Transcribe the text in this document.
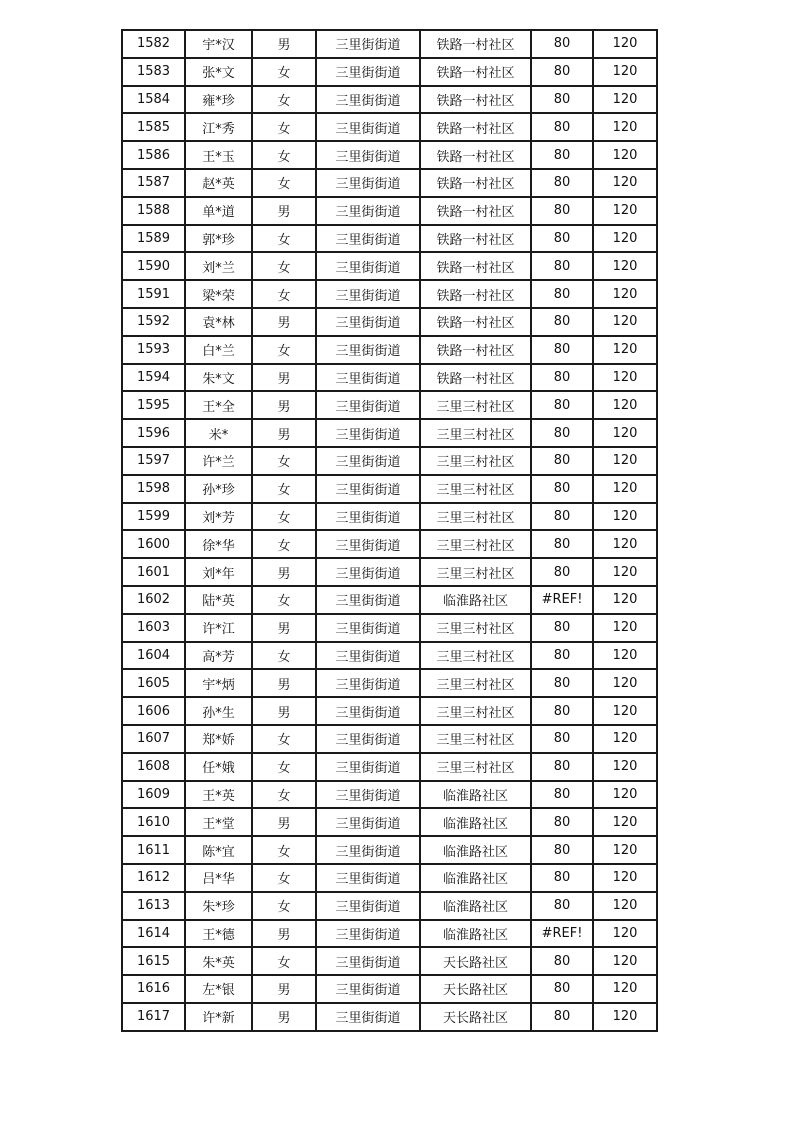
1582	宇*汉	男	三里街街道	铁路一村社区	80	120
1583	张*文	女	三里街街道	铁路一村社区	80	120
1584	雍*珍	女	三里街街道	铁路一村社区	80	120
1585	江*秀	女	三里街街道	铁路一村社区	80	120
1586	王*玉	女	三里街街道	铁路一村社区	80	120
1587	赵*英	女	三里街街道	铁路一村社区	80	120
1588	单*道	男	三里街街道	铁路一村社区	80	120
1589	郭*珍	女	三里街街道	铁路一村社区	80	120
1590	刘*兰	女	三里街街道	铁路一村社区	80	120
1591	梁*荣	女	三里街街道	铁路一村社区	80	120
1592	袁*林	男	三里街街道	铁路一村社区	80	120
1593	白*兰	女	三里街街道	铁路一村社区	80	120
1594	朱*文	男	三里街街道	铁路一村社区	80	120
1595	王*全	男	三里街街道	三里三村社区	80	120
1596	米*	男	三里街街道	三里三村社区	80	120
1597	许*兰	女	三里街街道	三里三村社区	80	120
1598	孙*珍	女	三里街街道	三里三村社区	80	120
1599	刘*芳	女	三里街街道	三里三村社区	80	120
1600	徐*华	女	三里街街道	三里三村社区	80	120
1601	刘*年	男	三里街街道	三里三村社区	80	120
1602	陆*英	女	三里街街道	临淮路社区	#REF!	120
1603	许*江	男	三里街街道	三里三村社区	80	120
1604	高*芳	女	三里街街道	三里三村社区	80	120
1605	宇*炳	男	三里街街道	三里三村社区	80	120
1606	孙*生	男	三里街街道	三里三村社区	80	120
1607	郑*娇	女	三里街街道	三里三村社区	80	120
1608	任*娥	女	三里街街道	三里三村社区	80	120
1609	王*英	女	三里街街道	临淮路社区	80	120
1610	王*堂	男	三里街街道	临淮路社区	80	120
1611	陈*宜	女	三里街街道	临淮路社区	80	120
1612	吕*华	女	三里街街道	临淮路社区	80	120
1613	朱*珍	女	三里街街道	临淮路社区	80	120
1614	王*德	男	三里街街道	临淮路社区	#REF!	120
1615	朱*英	女	三里街街道	天长路社区	80	120
1616	左*银	男	三里街街道	天长路社区	80	120
1617	许*新	男	三里街街道	天长路社区	80	120
